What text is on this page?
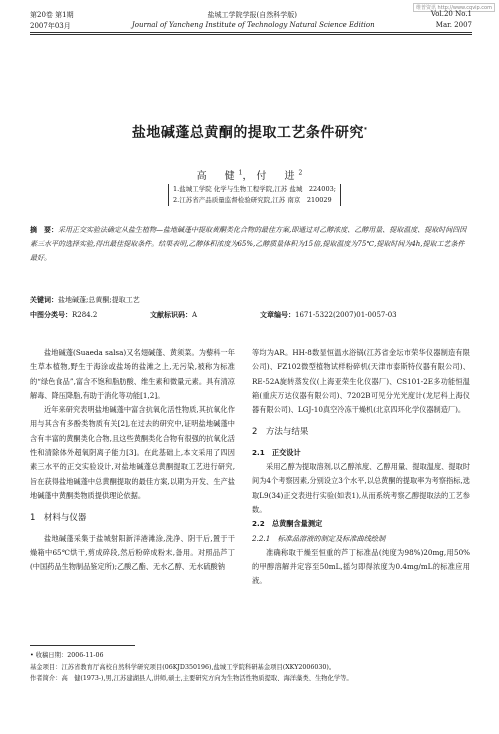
维普资讯 http://www.cqvip.com
第20卷 第1期	盐城工学院学报(自然科学版)	Vol.20 No.1
2007年03月	Journal of Yancheng Institute of Technology Natural Science Edition	Mar. 2007
盐地碱蓬总黄酮的提取工艺条件研究*
高　健$^1$，付　进$^2$
1.盐城工学院 化学与生物工程学院,江苏 盐城　224003;
2.江苏省产品质量监督检验研究院,江苏 南京　210029
摘　要：采用正交实验法确定从盐生植物—盐地碱蓬中提取黄酮类化合物的最佳方案,即通过对乙醇浓度、乙醇用量、提取温度、提取时间四因素三水平的选择实验,得出最佳提取条件。结果表明,乙醇体积浓度为65%,乙醇质量体积为15倍,提取温度为75℃,提取时间为4h,提取工艺条件最好。
关键词：盐地碱蓬;总黄酮;提取工艺
中图分类号：R284.2	文献标识码：A	文章编号：1671-5322(2007)01-0057-03

盐地碱蓬(Suaeda salsa)又名翅碱蓬、黄须菜。为藜科一年生草本植物,野生于海涂或盐场的盐滩之上,无污染,被称为标准的“绿色食品”,富含不饱和脂肪酸、维生素和微量元素。具有清凉解毒、降压降脂,有助于消化等功能[1,2]。

近年来研究表明盐地碱蓬中富含抗氧化活性物质,其抗氧化作用与其含有多酚类物质有关[2],在过去的研究中,证明盐地碱蓬中含有丰富的黄酮类化合物,且这些黄酮类化合物有很强的抗氧化活性和清除体外超氧阴离子能力[3]。在此基础上,本文采用了四因素三水平的正交实验设计,对盐地碱蓬总黄酮提取工艺进行研究,旨在获得盐地碱蓬中总黄酮提取的最佳方案,以期为开发、生产盐地碱蓬中黄酮类物质提供理论依据。

1　材料与仪器

盐地碱蓬采集于盐城射阳新洋港滩涂,洗净、阴干后,置于干燥箱中65℃烘干,剪成碎段,然后粉碎成粉末,备用。对照品芦丁(中国药品生物制品鉴定所);乙酸乙酯、无水乙醇、无水硫酸钠

等均为AR。HH-8数显恒温水浴锅(江苏省金坛市荣华仪器制造有限公司)、FZ102微型植物试样粉碎机(天津市泰斯特仪器有限公司)、RE-52A旋转蒸发仪(上海亚荣生化仪器厂)、CS101-2E多功能恒温箱(重庆万达仪器有限公司)、7202B可见分光光度计(龙尼科上海仪器有限公司)、LGJ-10真空冷冻干燥机(北京四环化学仪器制造厂)。

2　方法与结果

2.1　正交设计

采用乙醇为提取溶剂,以乙醇浓度、乙醇用量、提取温度、提取时间为4个考察因素,分别设立3个水平,以总黄酮的提取率为考察指标,选取L9(34)正交表进行实验(如表1),从而系统考察乙醇提取法的工艺参数。

2.2　总黄酮含量测定

2.2.1　标准品溶液的制定及标准曲线绘制

准确称取干燥至恒重的芦丁标准品(纯度为98%)20mg,用50%的甲醇溶解并定容至50mL,摇匀即得浓度为0.4mg/mL的标准应用液。

• 收稿日期：2006-11-06

基金项目：江苏省教育厅高校自然科学研究项目(06KJD350196),盐城工学院科研基金项目(XKY2006030)。

作者简介：高　健(1973-),男,江苏建湖县人,讲师,硕士,主要研究方向为生物活性物质提取、海洋藻类、生物化学等。
